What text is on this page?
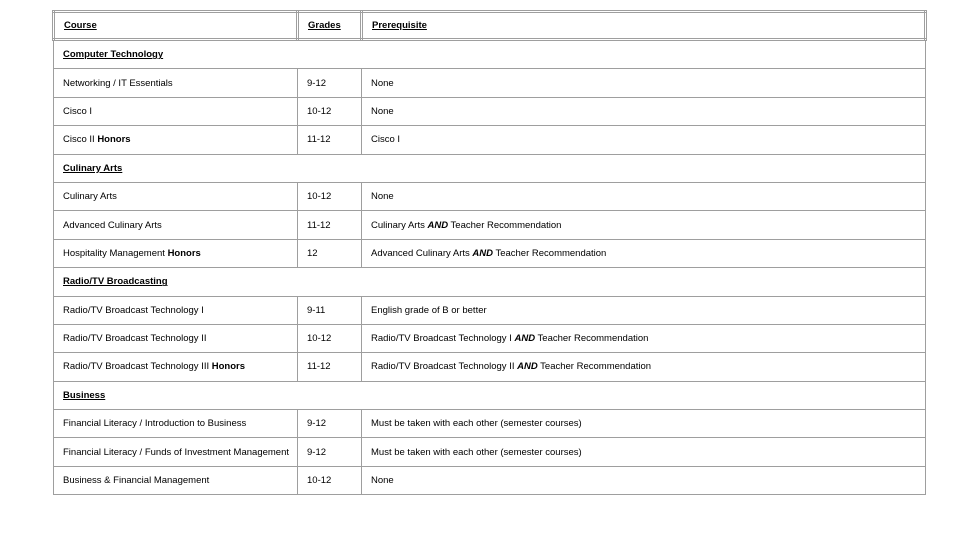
Course	Grades	Prerequisite
Computer Technology		
Networking / IT Essentials	9-12	None
Cisco I	10-12	None
Cisco II Honors	11-12	Cisco I
Culinary Arts		
Culinary Arts	10-12	None
Advanced Culinary Arts	11-12	Culinary Arts AND Teacher Recommendation
Hospitality Management Honors	12	Advanced Culinary Arts AND Teacher Recommendation
Radio/TV Broadcasting		
Radio/TV Broadcast Technology I	9-11	English grade of B or better
Radio/TV Broadcast Technology II	10-12	Radio/TV Broadcast Technology I AND Teacher Recommendation
Radio/TV Broadcast Technology III Honors	11-12	Radio/TV Broadcast Technology II AND Teacher Recommendation
Business		
Financial Literacy / Introduction to Business	9-12	Must be taken with each other (semester courses)
Financial Literacy / Funds of Investment Management	9-12	Must be taken with each other (semester courses)
Business & Financial Management	10-12	None
